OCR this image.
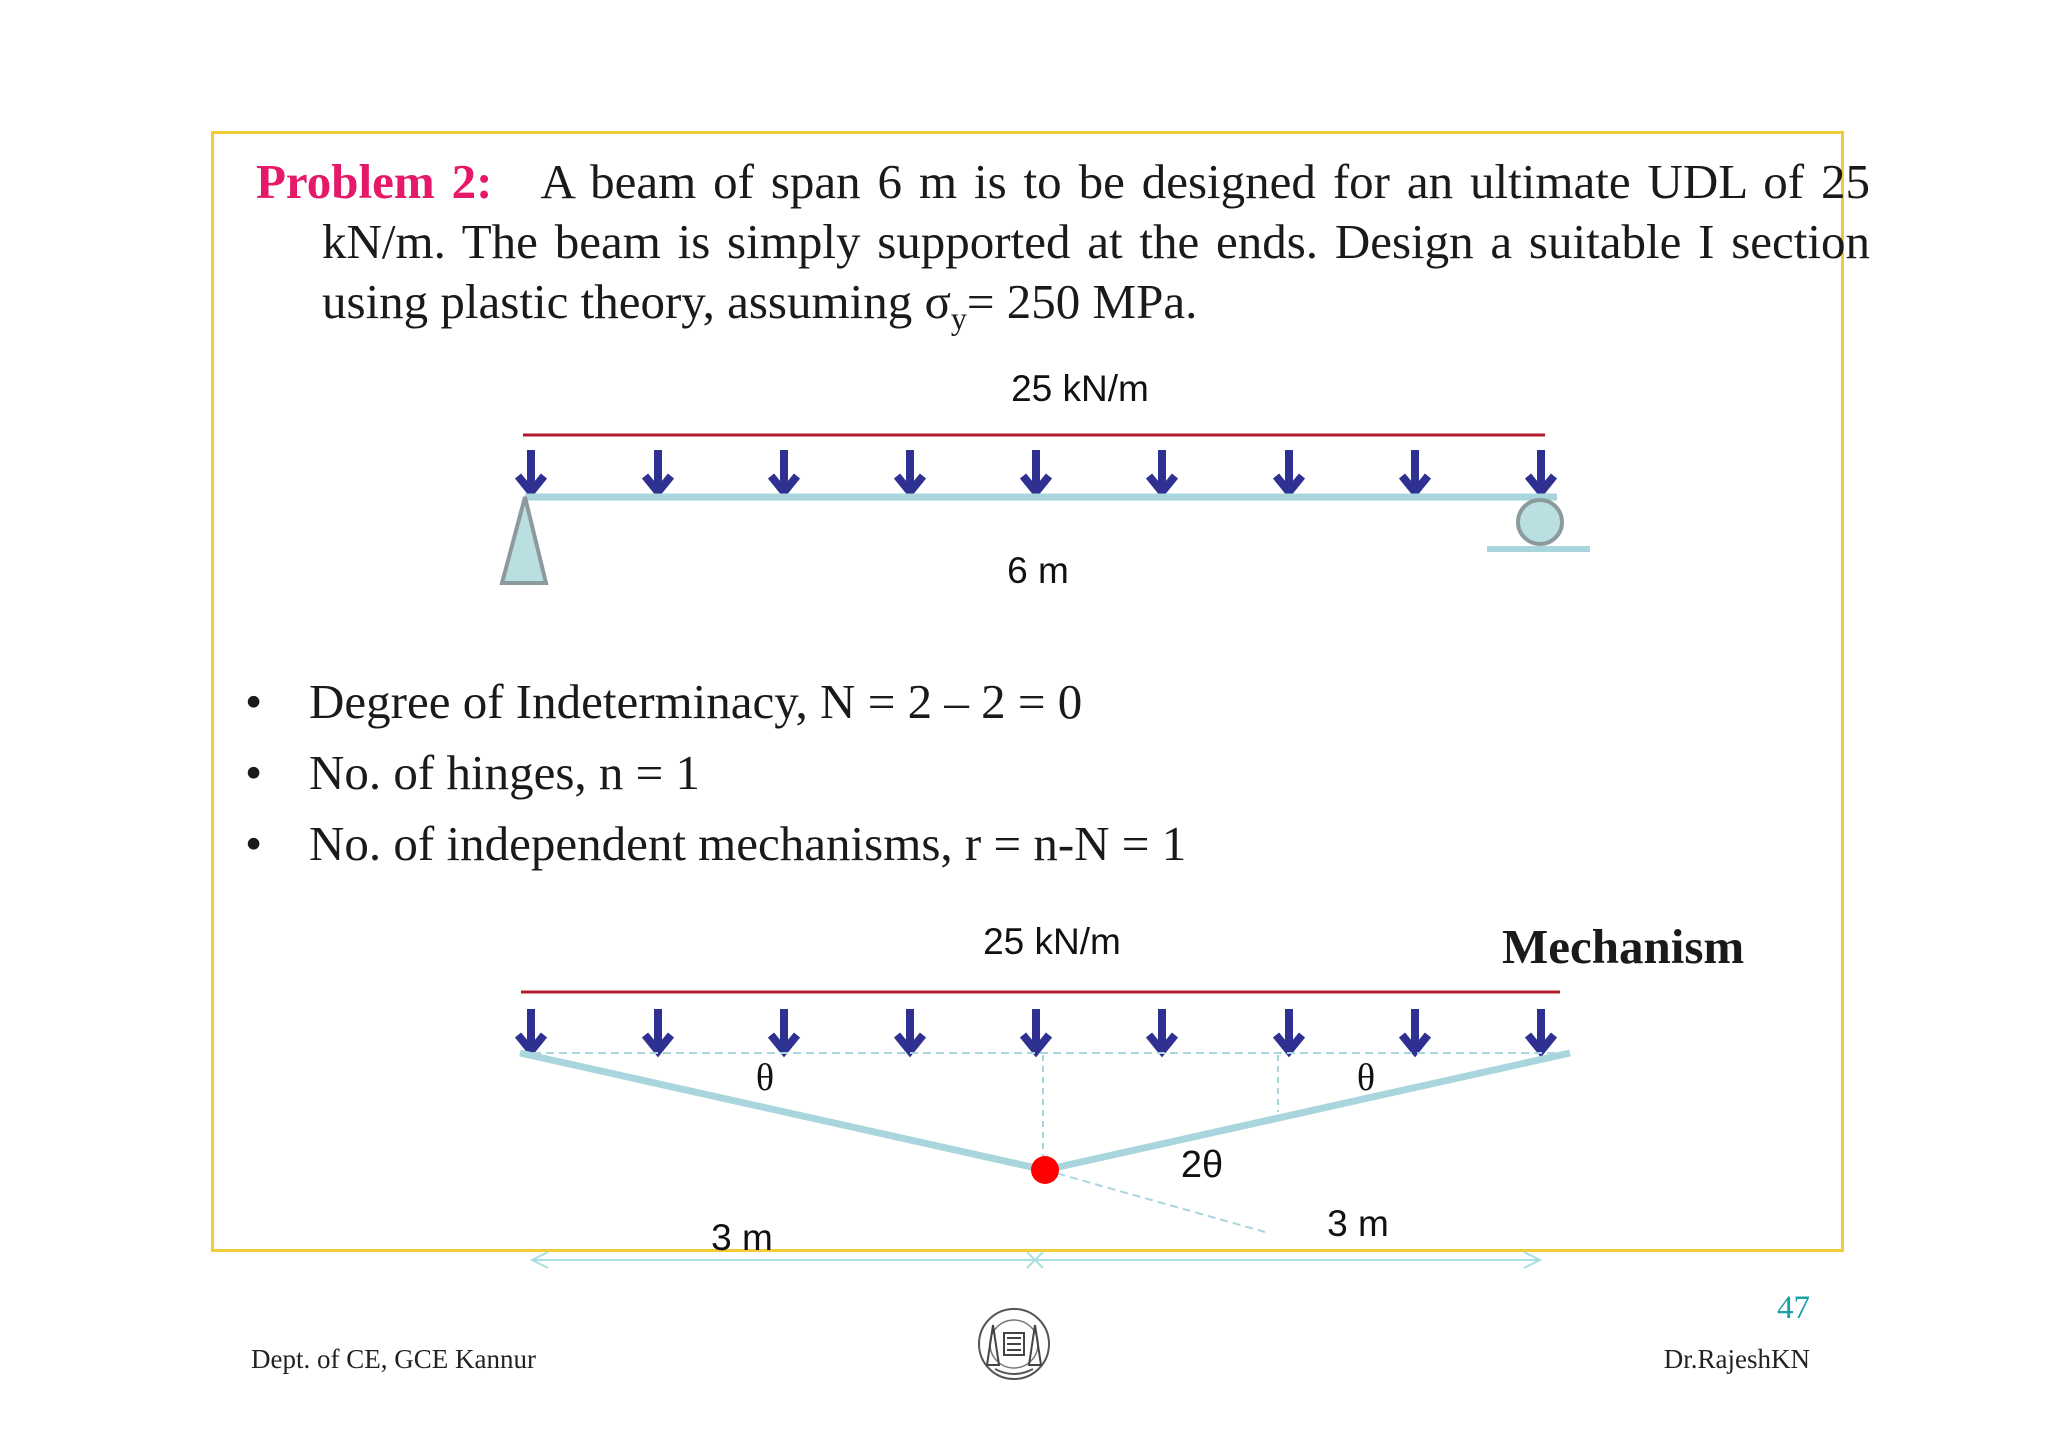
Problem 2: A beam of span 6 m is to be designed for an ultimate UDL of 25 kN/m. The beam is simply supported at the ends. Design a suitable I section using plastic theory, assuming $\sigma_y= 250$ MPa.
25 kN/m
6 m
θ	θ
2θ
25 kN/m
3 m	3 m
• Degree of Indeterminacy, N = 2 – 2 = 0
• No. of hinges, n = 1
• No. of independent mechanisms, r = n-N = 1
Mechanism
47
Dept. of CE, GCE Kannur	Dr.RajeshKN
